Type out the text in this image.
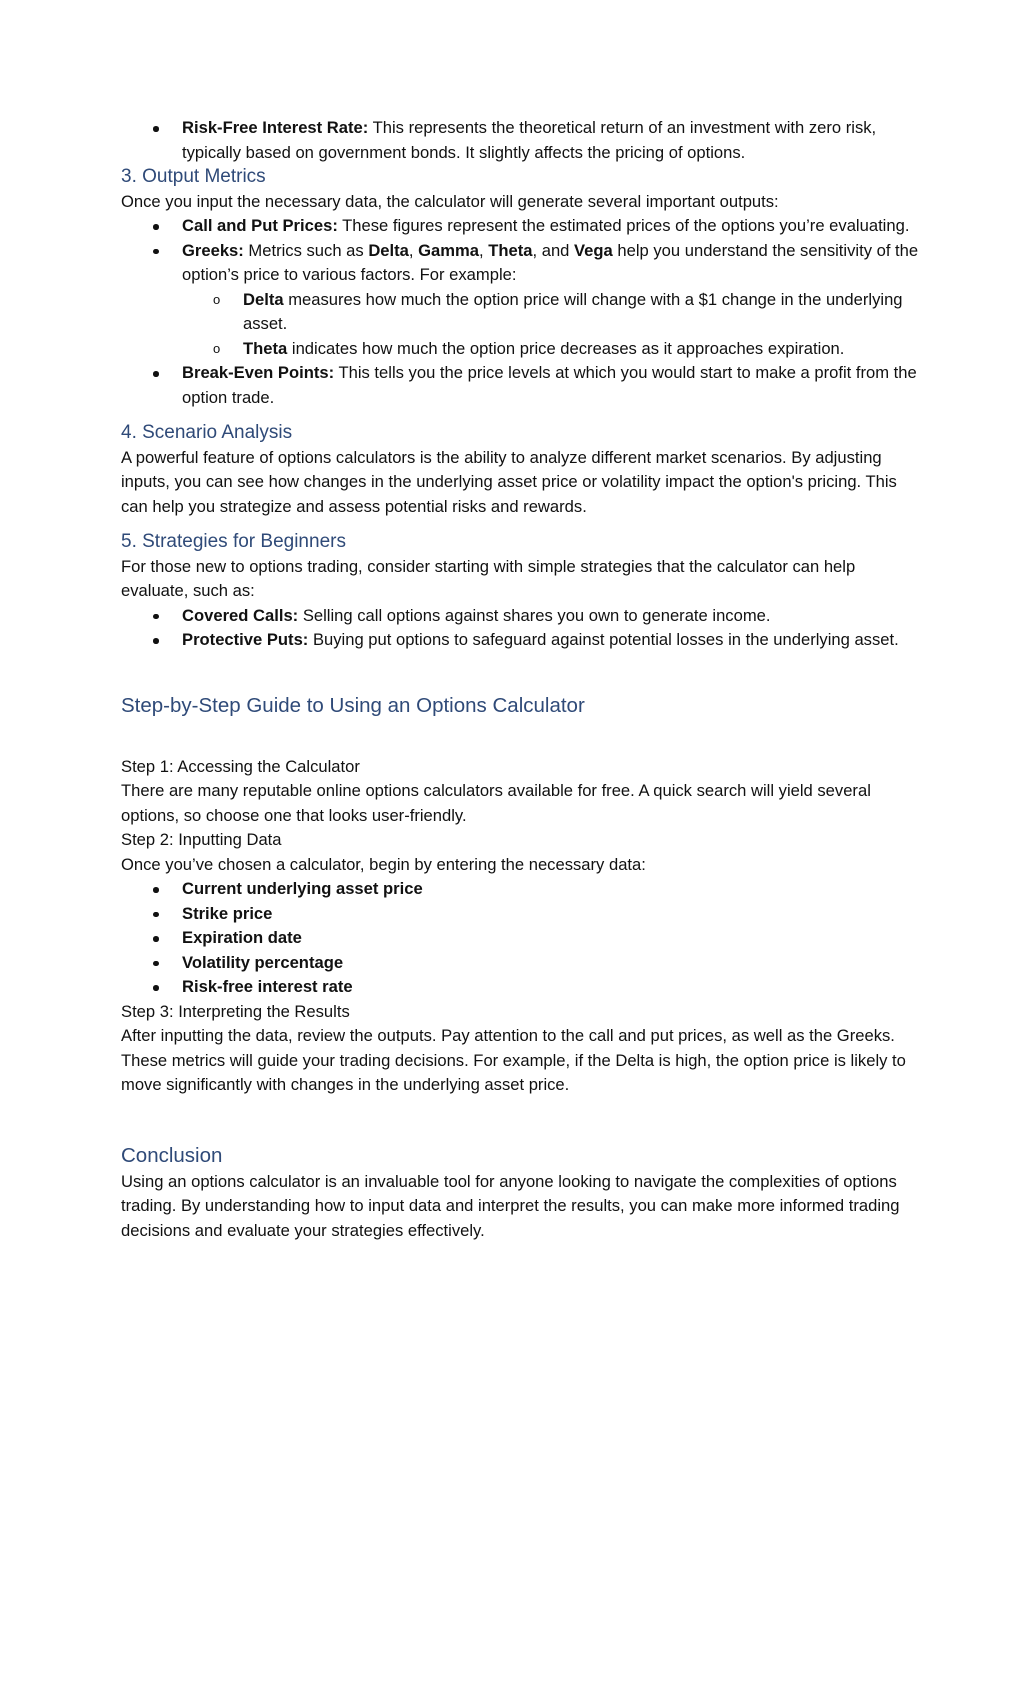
Risk-Free Interest Rate: This represents the theoretical return of an investment with zero risk, typically based on government bonds. It slightly affects the pricing of options.

3. Output Metrics

Once you input the necessary data, the calculator will generate several important outputs:

Call and Put Prices: These figures represent the estimated prices of the options you’re evaluating.

Greeks: Metrics such as Delta, Gamma, Theta, and Vega help you understand the sensitivity of the option’s price to various factors. For example:

o Delta measures how much the option price will change with a $1 change in the underlying asset.

o Theta indicates how much the option price decreases as it approaches expiration.

Break-Even Points: This tells you the price levels at which you would start to make a profit from the option trade.

4. Scenario Analysis

A powerful feature of options calculators is the ability to analyze different market scenarios. By adjusting inputs, you can see how changes in the underlying asset price or volatility impact the option's pricing. This can help you strategize and assess potential risks and rewards.

5. Strategies for Beginners

For those new to options trading, consider starting with simple strategies that the calculator can help evaluate, such as:

Covered Calls: Selling call options against shares you own to generate income.

Protective Puts: Buying put options to safeguard against potential losses in the underlying asset.

Step-by-Step Guide to Using an Options Calculator

Step 1: Accessing the Calculator

There are many reputable online options calculators available for free. A quick search will yield several options, so choose one that looks user-friendly.

Step 2: Inputting Data

Once you’ve chosen a calculator, begin by entering the necessary data:

Current underlying asset price

Strike price

Expiration date

Volatility percentage

Risk-free interest rate

Step 3: Interpreting the Results

After inputting the data, review the outputs. Pay attention to the call and put prices, as well as the Greeks. These metrics will guide your trading decisions. For example, if the Delta is high, the option price is likely to move significantly with changes in the underlying asset price.

Conclusion

Using an options calculator is an invaluable tool for anyone looking to navigate the complexities of options trading. By understanding how to input data and interpret the results, you can make more informed trading decisions and evaluate your strategies effectively.
